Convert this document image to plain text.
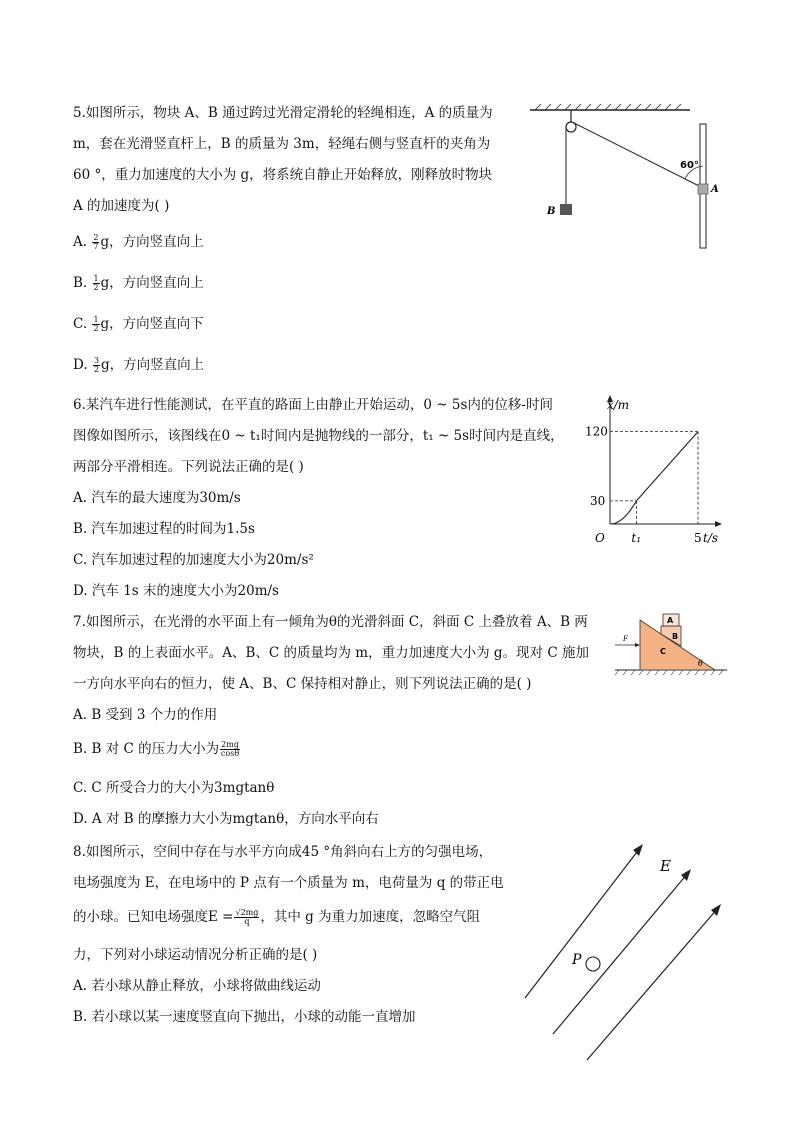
5.如图所示，物块 A、B 通过跨过光滑定滑轮的轻绳相连，A 的质量为
m，套在光滑竖直杆上，B 的质量为 3m，轻绳右侧与竖直杆的夹角为
60 °，重力加速度的大小为 g，将系统自静止开始释放，刚释放时物块
A 的加速度为( )
A. $\frac{2}{7}$ g，方向竖直向上
B. $\frac{1}{2}$ g，方向竖直向上
C. $\frac{1}{2}$ g，方向竖直向下
D. $\frac{3}{2}$ g，方向竖直向上
B
A
60°
6.某汽车进行性能测试，在平直的路面上由静止开始运动，0 ~ 5s内的位移-时间
图像如图所示，该图线在0 ~ t₁时间内是抛物线的一部分，t₁ ~ 5s时间内是直线，
两部分平滑相连。下列说法正确的是( )
A. 汽车的最大速度为30m/s
B. 汽车加速过程的时间为1.5s
C. 汽车加速过程的加速度大小为20m/s²
D. 汽车 1s 末的速度大小为20m/s
x/m
t/s
O
30
120
t₁	5
7.如图所示，在光滑的水平面上有一倾角为θ的光滑斜面 C，斜面 C 上叠放着 A、B 两
物块，B 的上表面水平。A、B、C 的质量均为 m，重力加速度大小为 g。现对 C 施加
一方向水平向右的恒力，使 A、B、C 保持相对静止，则下列说法正确的是( )
A. B 受到 3 个力的作用
B. B 对 C 的压力大小为 $\frac{2mg}{\cos\theta}$
C. C 所受合力的大小为3mgtanθ
D. A 对 B 的摩擦力大小为mgtanθ，方向水平向右
C
θ
B
A
F
8.如图所示，空间中存在与水平方向成45 °角斜向右上方的匀强电场，
电场强度为 E，在电场中的 P 点有一个质量为 m，电荷量为 q 的带正电
的小球。已知电场强度$E = \frac{√2mg}{q}$ ，其中 g 为重力加速度，忽略空气阻
力，下列对小球运动情况分析正确的是( )
A. 若小球从静止释放，小球将做曲线运动
B. 若小球以某一速度竖直向下抛出，小球的动能一直增加
E
P
